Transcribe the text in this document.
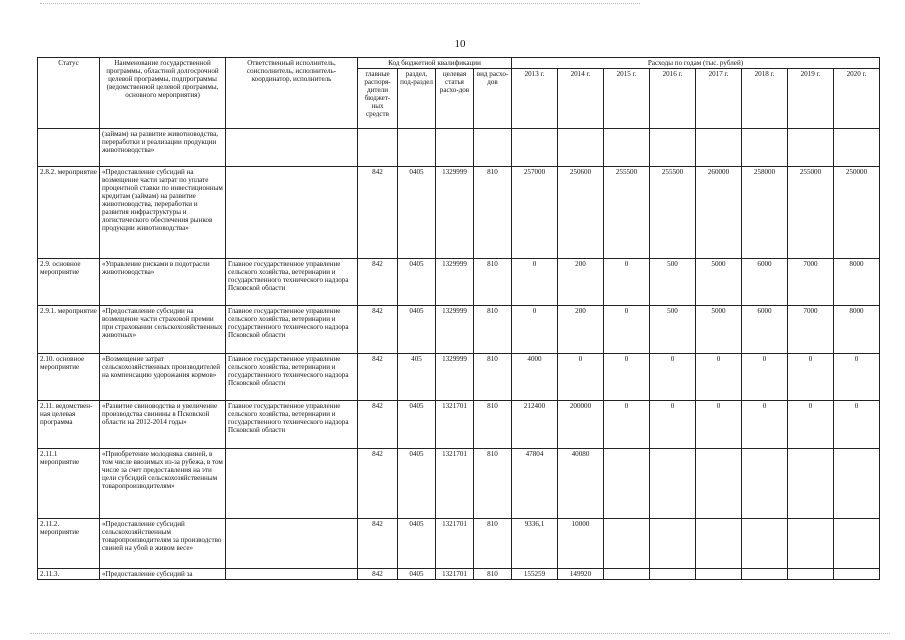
10
Статус	Наименование государственной программы, областной долгосрочной целевой программы, подпрограммы (ведомственной целевой программы, основного мероприятия)	Ответственный исполнитель, соисполнитель, исполнитель-координатор, исполнитель	Код бюджетной квалификации				Расходы по годам (тыс. рублей)							
			главные распоря-дители бюджет-ных средств	раздел, под-раздел	целевая статья расхо-дов	вид расхо-дов	2013 г.	2014 г.	2015 г.	2016 г.	2017 г.	2018 г.	2019 г.	2020 г.
	(займам) на развитие животноводства, переработки и реализации продукции животноводства»													
2.8.2. мероприятие	«Предоставление субсидий на возмещение части затрат по уплате процентной ставки по инвестиционным кредитам (займам) на развитие животноводства, переработки и развития инфраструктуры и логистического обеспечения рынков продукции животноводства»		842	0405	1329999	810	257000	250600	255500	255500	260000	258000	255000	250000
2.9. основное мероприятие	«Управление рисками в подотрасли животноводства»	Главное государственное управление сельского хозяйства, ветеринарии и государственного технического надзора Псковской области	842	0405	1329999	810	0	200	0	500	5000	6000	7000	8000
2.9.1. мероприятие	«Предоставление субсидии на возмещение части страховой премии при страховании сельскохозяйственных животных»	Главное государственное управление сельского хозяйства, ветеринарии и государственного технического надзора Псковской области	842	0405	1329999	810	0	200	0	500	5000	6000	7000	8000
2.10. основное мероприятие	«Возмещение затрат сельскохозяйственных производителей на компенсацию удорожания кормов»	Главное государственное управление сельского хозяйства, ветеринарии и государственного технического надзора Псковской области	842	405	1329999	810	4000	0	0	0	0	0	0	0
2.11. ведомствен-ная целевая программа	«Развитие свиноводства и увеличение производства свинины в Псковской области на 2012-2014 годы»	Главное государственное управление сельского хозяйства, ветеринарии и государственного технического надзора Псковской области	842	0405	1321701	810	212400	200000	0	0	0	0	0	0
2.11.1 мероприятие	«Приобретение молодняка свиней, в том числе ввозимых из-за рубежа, в том числе за счет предоставления на эти цели субсидий сельскохозяйственным товаропроизводителям»		842	0405	1321701	810	47804	40080						
2.11.2. мероприятие	«Предоставление субсидий сельскохозяйственным товаропроизводителям за производство свиней на убой в живом весе»		842	0405	1321701	810	9336,1	10000						
2.11.3.	«Предоставление субсидий за		842	0405	1321701	810	155259	149920						
